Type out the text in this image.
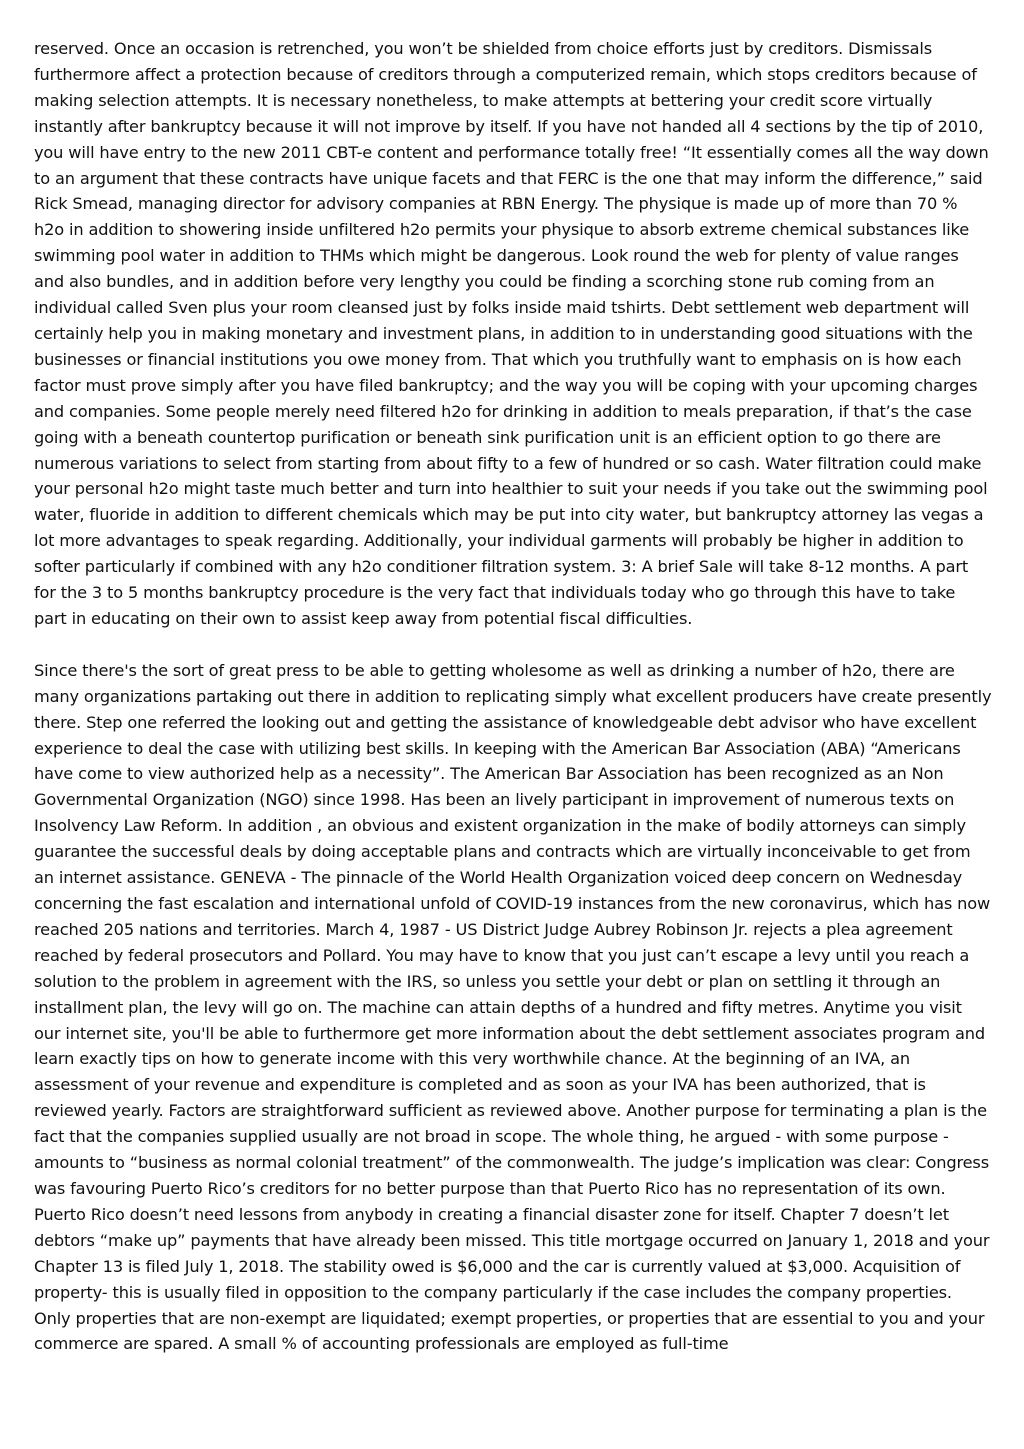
reserved. Once an occasion is retrenched, you won’t be shielded from choice efforts just by creditors. Dismissals furthermore affect a protection because of creditors through a computerized remain, which stops creditors because of making selection attempts. It is necessary nonetheless, to make attempts at bettering your credit score virtually instantly after bankruptcy because it will not improve by itself. If you have not handed all 4 sections by the tip of 2010, you will have entry to the new 2011 CBT-e content and performance totally free! “It essentially comes all the way down to an argument that these contracts have unique facets and that FERC is the one that may inform the difference,” said Rick Smead, managing director for advisory companies at RBN Energy. The physique is made up of more than 70 % h2o in addition to showering inside unfiltered h2o permits your physique to absorb extreme chemical substances like swimming pool water in addition to THMs which might be dangerous. Look round the web for plenty of value ranges and also bundles, and in addition before very lengthy you could be finding a scorching stone rub coming from an individual called Sven plus your room cleansed just by folks inside maid tshirts. Debt settlement web department will certainly help you in making monetary and investment plans, in addition to in understanding good situations with the businesses or financial institutions you owe money from. That which you truthfully want to emphasis on is how each factor must prove simply after you have filed bankruptcy; and the way you will be coping with your upcoming charges and companies. Some people merely need filtered h2o for drinking in addition to meals preparation, if that’s the case going with a beneath countertop purification or beneath sink purification unit is an efficient option to go there are numerous variations to select from starting from about fifty to a few of hundred or so cash. Water filtration could make your personal h2o might taste much better and turn into healthier to suit your needs if you take out the swimming pool water, fluoride in addition to different chemicals which may be put into city water, but bankruptcy attorney las vegas a lot more advantages to speak regarding. Additionally, your individual garments will probably be higher in addition to softer particularly if combined with any h2o conditioner filtration system. 3: A brief Sale will take 8-12 months. A part for the 3 to 5 months bankruptcy procedure is the very fact that individuals today who go through this have to take part in educating on their own to assist keep away from potential fiscal difficulties.

Since there's the sort of great press to be able to getting wholesome as well as drinking a number of h2o, there are many organizations partaking out there in addition to replicating simply what excellent producers have create presently there. Step one referred the looking out and getting the assistance of knowledgeable debt advisor who have excellent experience to deal the case with utilizing best skills. In keeping with the American Bar Association (ABA) “Americans have come to view authorized help as a necessity”. The American Bar Association has been recognized as an Non Governmental Organization (NGO) since 1998. Has been an lively participant in improvement of numerous texts on Insolvency Law Reform. In addition , an obvious and existent organization in the make of bodily attorneys can simply guarantee the successful deals by doing acceptable plans and contracts which are virtually inconceivable to get from an internet assistance. GENEVA - The pinnacle of the World Health Organization voiced deep concern on Wednesday concerning the fast escalation and international unfold of COVID-19 instances from the new coronavirus, which has now reached 205 nations and territories. March 4, 1987 - US District Judge Aubrey Robinson Jr. rejects a plea agreement reached by federal prosecutors and Pollard. You may have to know that you just can’t escape a levy until you reach a solution to the problem in agreement with the IRS, so unless you settle your debt or plan on settling it through an installment plan, the levy will go on. The machine can attain depths of a hundred and fifty metres. Anytime you visit our internet site, you'll be able to furthermore get more information about the debt settlement associates program and learn exactly tips on how to generate income with this very worthwhile chance. At the beginning of an IVA, an assessment of your revenue and expenditure is completed and as soon as your IVA has been authorized, that is reviewed yearly. Factors are straightforward sufficient as reviewed above. Another purpose for terminating a plan is the fact that the companies supplied usually are not broad in scope. The whole thing, he argued - with some purpose - amounts to “business as normal colonial treatment” of the commonwealth. The judge’s implication was clear: Congress was favouring Puerto Rico’s creditors for no better purpose than that Puerto Rico has no representation of its own. Puerto Rico doesn’t need lessons from anybody in creating a financial disaster zone for itself. Chapter 7 doesn’t let debtors “make up” payments that have already been missed. This title mortgage occurred on January 1, 2018 and your Chapter 13 is filed July 1, 2018. The stability owed is $6,000 and the car is currently valued at $3,000. Acquisition of property- this is usually filed in opposition to the company particularly if the case includes the company properties. Only properties that are non-exempt are liquidated; exempt properties, or properties that are essential to you and your commerce are spared. A small % of accounting professionals are employed as full-time
